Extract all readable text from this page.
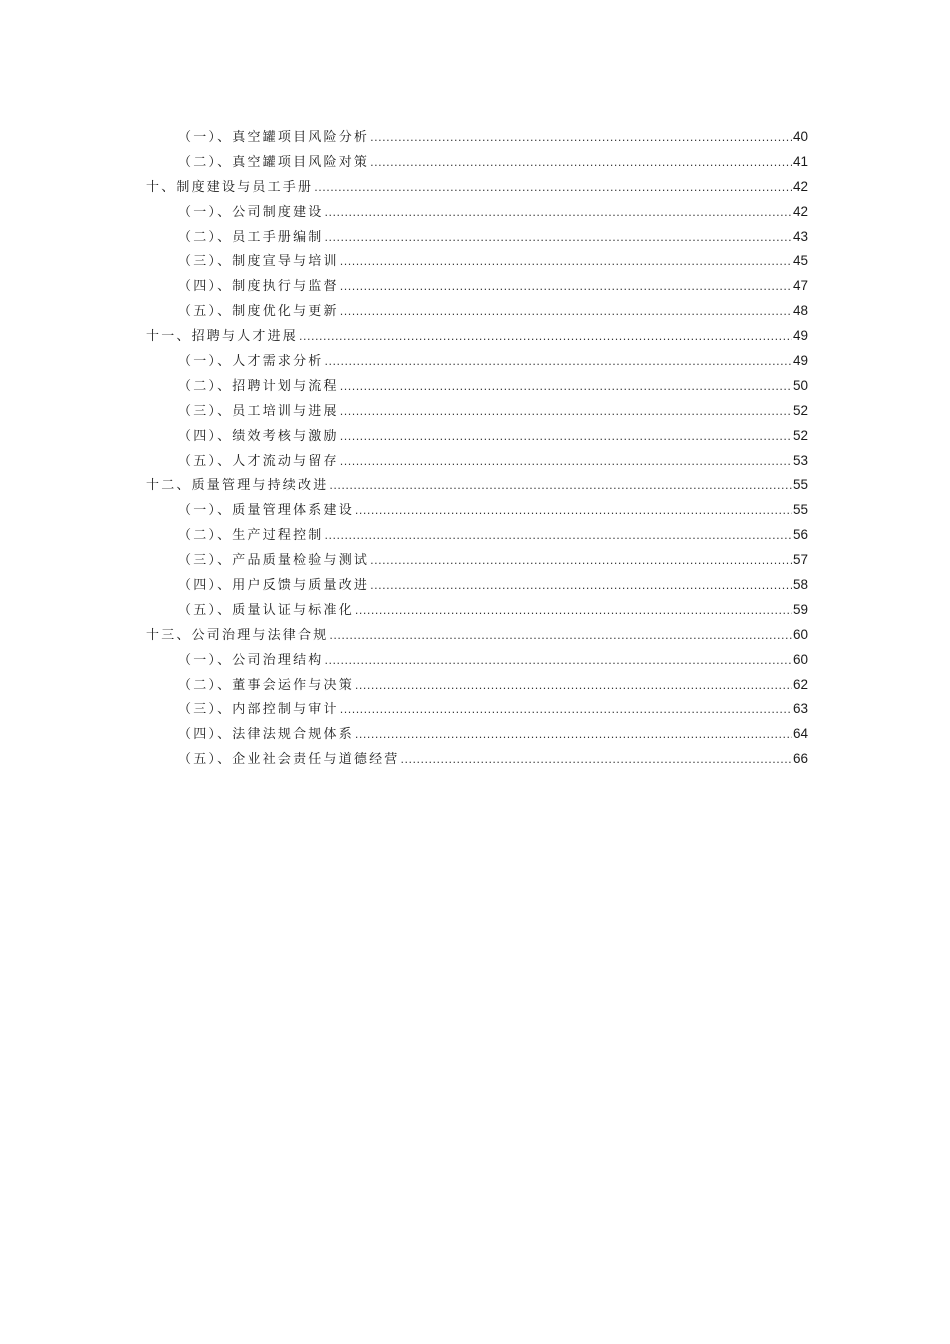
（一）、真空罐项目风险分析 .....	40
（二）、真空罐项目风险对策 .....	41
十、制度建设与员工手册 .....	42
（一）、公司制度建设 .....	42
（二）、员工手册编制 .....	43
（三）、制度宣导与培训 .....	45
（四）、制度执行与监督 .....	47
（五）、制度优化与更新 .....	48
十一、招聘与人才进展 .....	49
（一）、人才需求分析 .....	49
（二）、招聘计划与流程 .....	50
（三）、员工培训与进展 .....	52
（四）、绩效考核与激励 .....	52
（五）、人才流动与留存 .....	53
十二、质量管理与持续改进 .....	55
（一）、质量管理体系建设 .....	55
（二）、生产过程控制 .....	56
（三）、产品质量检验与测试 .....	57
（四）、用户反馈与质量改进 .....	58
（五）、质量认证与标准化 .....	59
十三、公司治理与法律合规 .....	60
（一）、公司治理结构 .....	60
（二）、董事会运作与决策 .....	62
（三）、内部控制与审计 .....	63
（四）、法律法规合规体系 .....	64
（五）、企业社会责任与道德经营 .....	66
